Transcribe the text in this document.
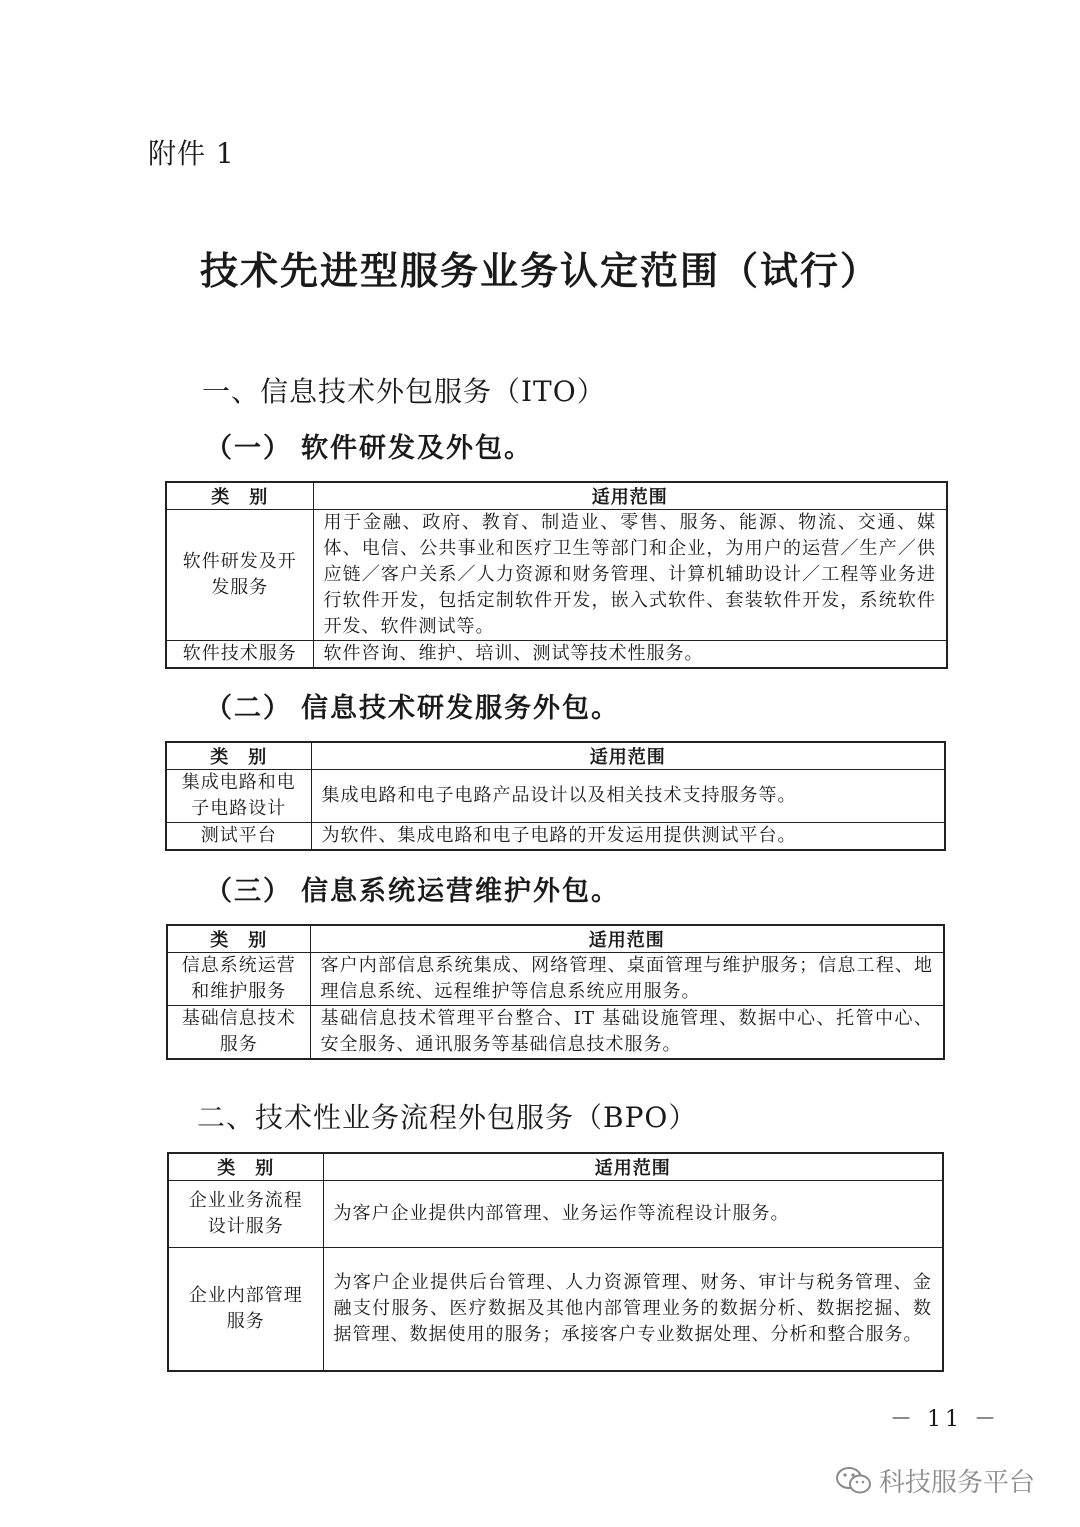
附件 1
技术先进型服务业务认定范围（试行）
一、信息技术外包服务（ITO）
（一） 软件研发及外包。
类　别	适用范围
软件研发及开发服务	用于金融、政府、教育、制造业、零售、服务、能源、物流、交通、媒体、电信、公共事业和医疗卫生等部门和企业，为用户的运营／生产／供应链／客户关系／人力资源和财务管理、计算机辅助设计／工程等业务进行软件开发，包括定制软件开发，嵌入式软件、套装软件开发，系统软件开发、软件测试等。
软件技术服务	软件咨询、维护、培训、测试等技术性服务。
（二） 信息技术研发服务外包。
类　别	适用范围
集成电路和电子电路设计	集成电路和电子电路产品设计以及相关技术支持服务等。
测试平台	为软件、集成电路和电子电路的开发运用提供测试平台。
（三） 信息系统运营维护外包。
类　别	适用范围
信息系统运营和维护服务	客户内部信息系统集成、网络管理、桌面管理与维护服务；信息工程、地理信息系统、远程维护等信息系统应用服务。
基础信息技术服务	基础信息技术管理平台整合、IT 基础设施管理、数据中心、托管中心、安全服务、通讯服务等基础信息技术服务。
二、技术性业务流程外包服务（BPO）
类　别	适用范围
企业业务流程设计服务	为客户企业提供内部管理、业务运作等流程设计服务。
企业内部管理服务	为客户企业提供后台管理、人力资源管理、财务、审计与税务管理、金融支付服务、医疗数据及其他内部管理业务的数据分析、数据挖掘、数据管理、数据使用的服务；承接客户专业数据处理、分析和整合服务。
－ 11 －
科技服务平台
